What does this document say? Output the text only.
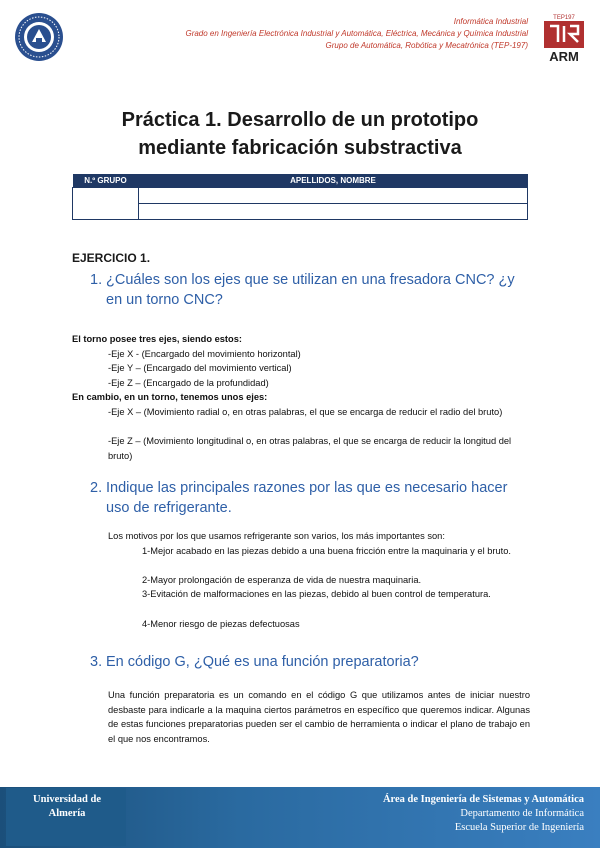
Informática Industrial
Grado en Ingeniería Electrónica Industrial y Automática, Eléctrica, Mecánica y Química Industrial
Grupo de Automática, Robótica y Mecatrónica (TEP-197)
TEP197
ARM
Práctica 1. Desarrollo de un prototipo
mediante fabricación substractiva
N.º GRUPO	APELLIDOS, NOMBRE

EJERCICIO 1.
1. ¿Cuáles son los ejes que se utilizan en una fresadora CNC? ¿y en un torno CNC?
El torno posee tres ejes, siendo estos:
-Eje X - (Encargado del movimiento horizontal)
-Eje Y – (Encargado del movimiento vertical)
-Eje Z – (Encargado de la profundidad)
En cambio, en un torno, tenemos unos ejes:
-Eje X – (Movimiento radial o, en otras palabras, el que se encarga de reducir el radio del bruto)
-Eje Z – (Movimiento longitudinal o, en otras palabras, el que se encarga de reducir la longitud del bruto)
2. Indique las principales razones por las que es necesario hacer uso de refrigerante.
Los motivos por los que usamos refrigerante son varios, los más importantes son:
1-Mejor acabado en las piezas debido a una buena fricción entre la maquinaria y el bruto.
2-Mayor prolongación de esperanza de vida de nuestra maquinaria.
3-Evitación de malformaciones en las piezas, debido al buen control de temperatura.
4-Menor riesgo de piezas defectuosas
3. En código G, ¿Qué es una función preparatoria?
Una función preparatoria es un comando en el código G que utilizamos antes de iniciar nuestro desbaste para indicarle a la maquina ciertos parámetros en específico que queremos indicar. Algunas de estas funciones preparatorias pueden ser el cambio de herramienta o indicar el plano de trabajo en el que nos encontramos.
Universidad de
Almería
Área de Ingeniería de Sistemas y Automática
Departamento de Informática
Escuela Superior de Ingeniería
